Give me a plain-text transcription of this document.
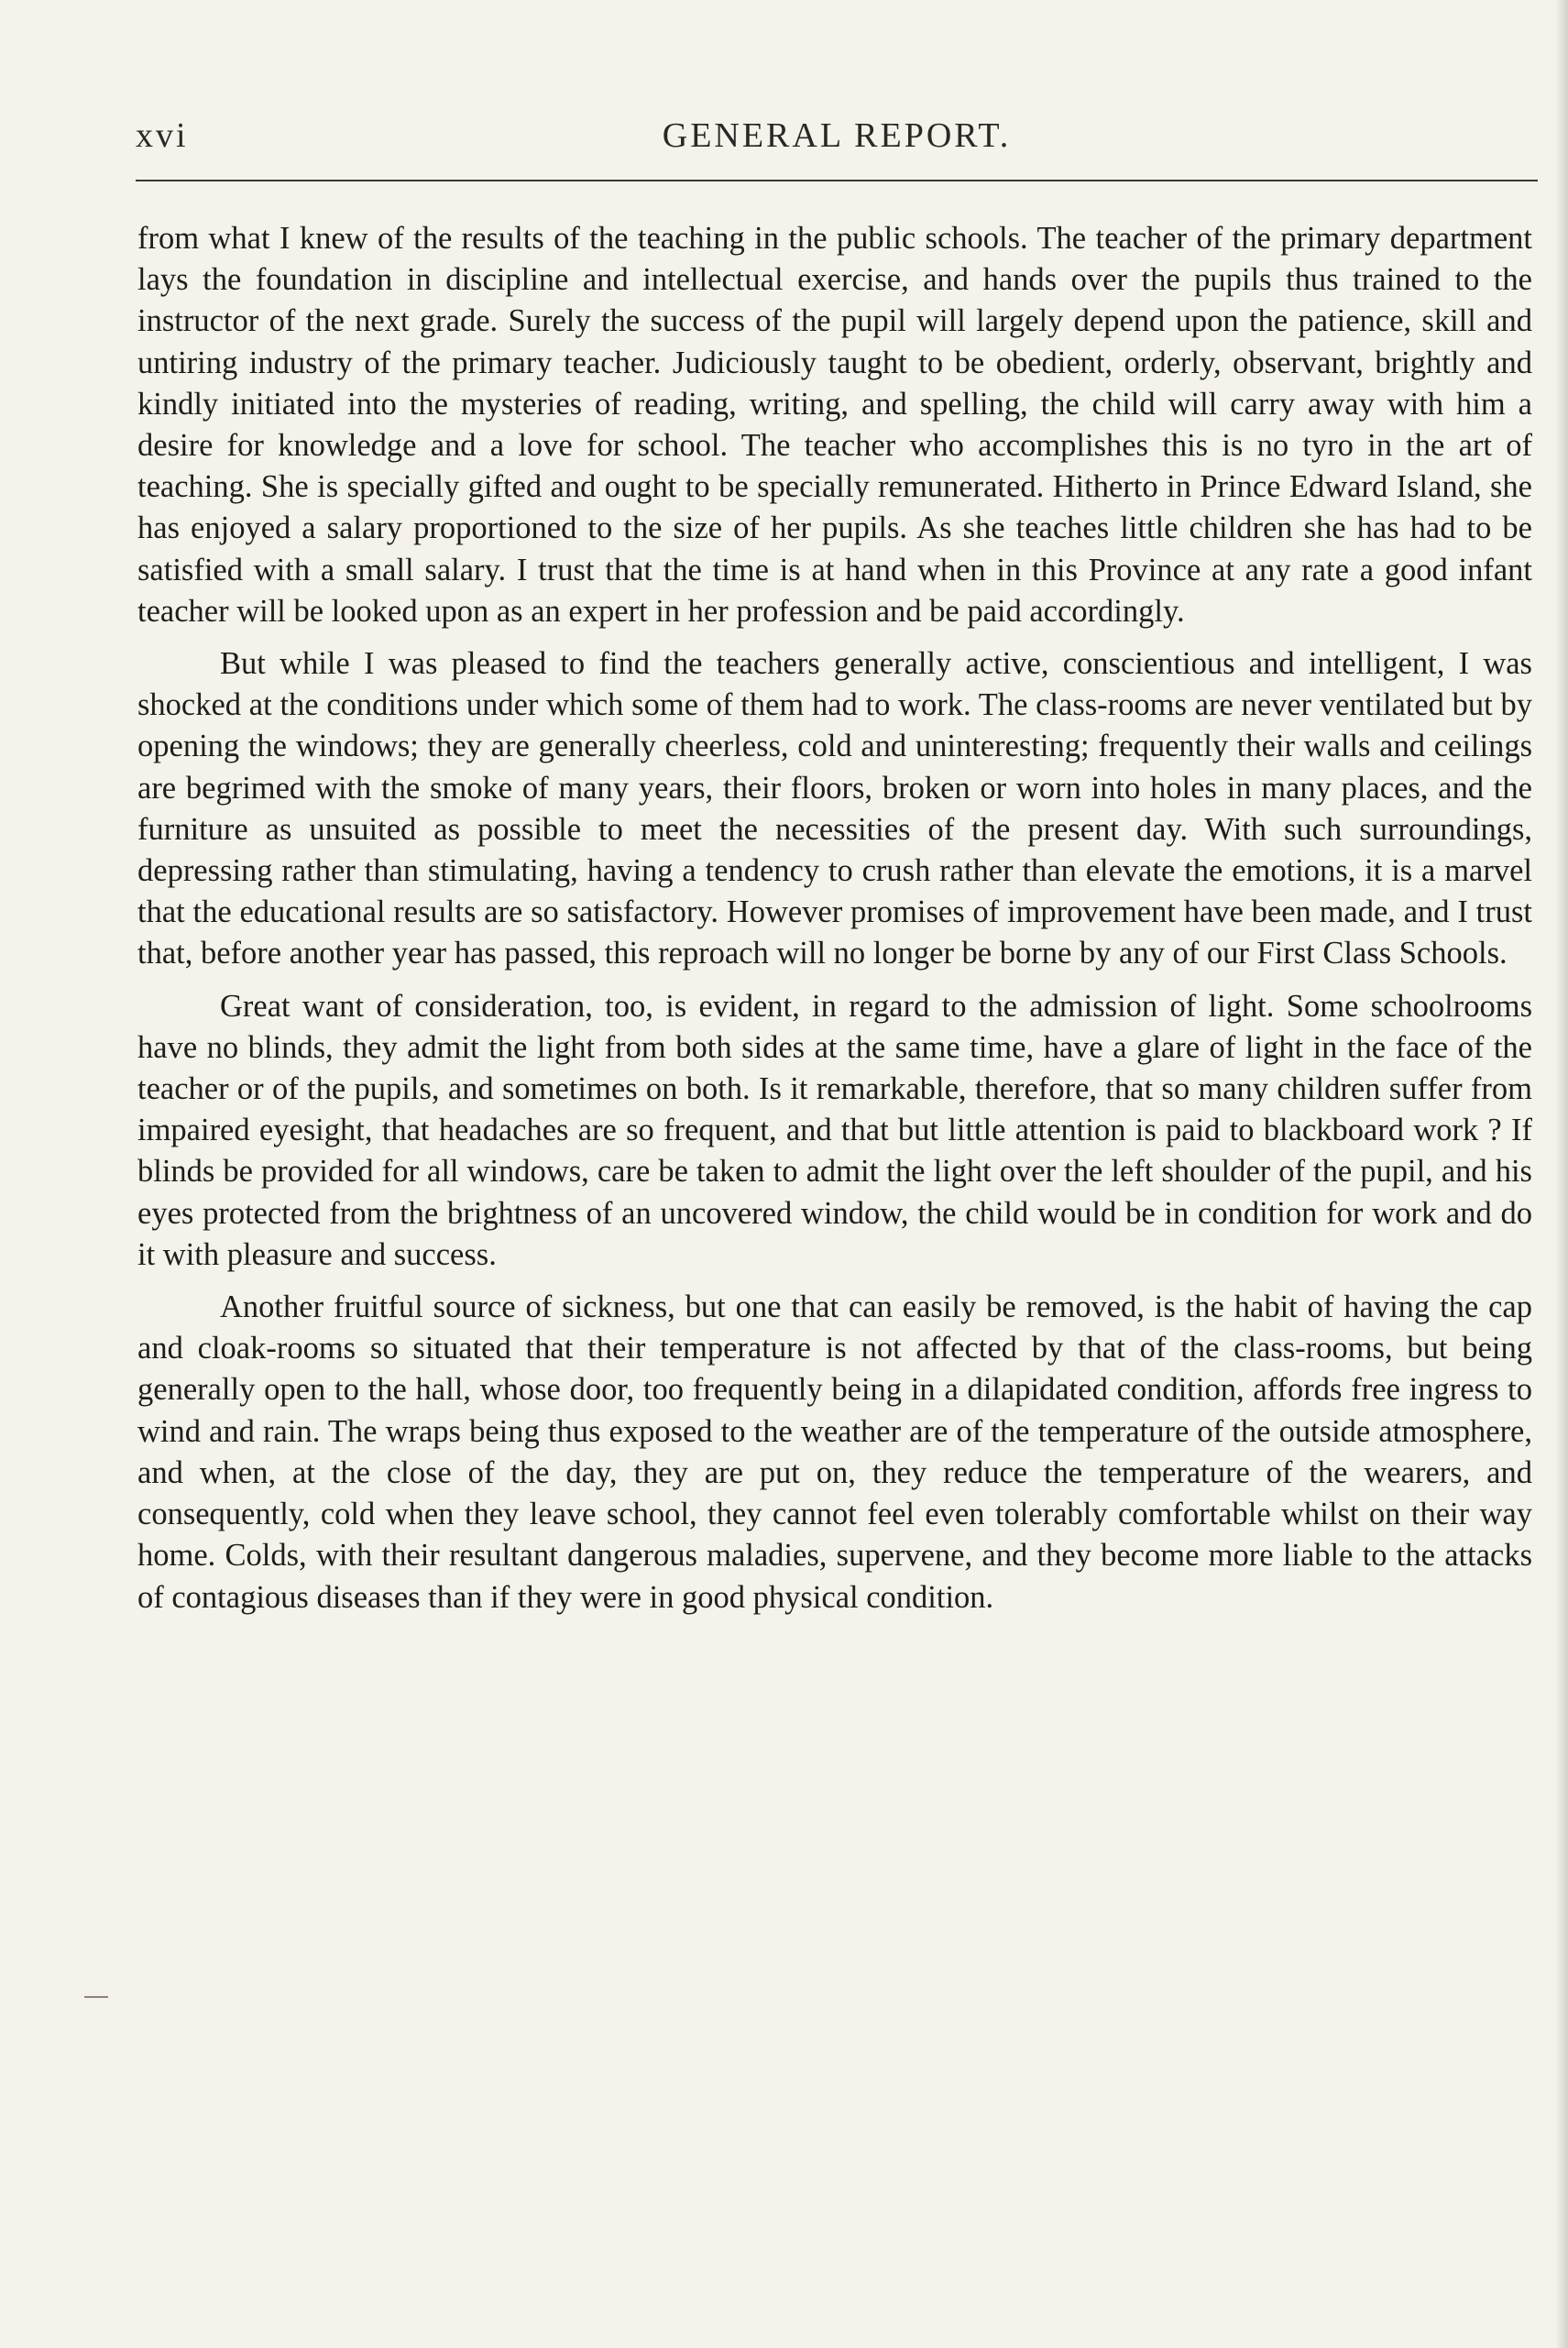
xvi	GENERAL REPORT.

from what I knew of the results of the teaching in the public schools. The teacher of the primary department lays the foundation in discipline and intellectual exercise, and hands over the pupils thus trained to the instructor of the next grade. Surely the success of the pupil will largely depend upon the patience, skill and untiring industry of the primary teacher. Judiciously taught to be obedient, orderly, observant, brightly and kindly initiated into the mysteries of reading, writing, and spelling, the child will carry away with him a desire for knowledge and a love for school. The teacher who accomplishes this is no tyro in the art of teaching. She is specially gifted and ought to be specially remunerated. Hitherto in Prince Edward Island, she has enjoyed a salary proportioned to the size of her pupils. As she teaches little children she has had to be satisfied with a small salary. I trust that the time is at hand when in this Province at any rate a good infant teacher will be looked upon as an expert in her profession and be paid accordingly.

But while I was pleased to find the teachers generally active, conscientious and intelligent, I was shocked at the conditions under which some of them had to work. The class-rooms are never ventilated but by opening the windows; they are generally cheerless, cold and uninteresting; frequently their walls and ceilings are begrimed with the smoke of many years, their floors, broken or worn into holes in many places, and the furniture as unsuited as possible to meet the necessities of the present day. With such surroundings, depressing rather than stimulating, having a tendency to crush rather than elevate the emotions, it is a marvel that the educational results are so satisfactory. However promises of improvement have been made, and I trust that, before another year has passed, this reproach will no longer be borne by any of our First Class Schools.

Great want of consideration, too, is evident, in regard to the admission of light. Some schoolrooms have no blinds, they admit the light from both sides at the same time, have a glare of light in the face of the teacher or of the pupils, and sometimes on both. Is it remarkable, therefore, that so many children suffer from impaired eyesight, that headaches are so frequent, and that but little attention is paid to blackboard work ? If blinds be provided for all windows, care be taken to admit the light over the left shoulder of the pupil, and his eyes protected from the brightness of an uncovered window, the child would be in condition for work and do it with pleasure and success.

Another fruitful source of sickness, but one that can easily be removed, is the habit of having the cap and cloak-rooms so situated that their temperature is not affected by that of the class-rooms, but being generally open to the hall, whose door, too frequently being in a dilapidated condition, affords free ingress to wind and rain. The wraps being thus exposed to the weather are of the temperature of the outside atmosphere, and when, at the close of the day, they are put on, they reduce the temperature of the wearers, and consequently, cold when they leave school, they cannot feel even tolerably comfortable whilst on their way home. Colds, with their resultant dangerous maladies, supervene, and they become more liable to the attacks of contagious diseases than if they were in good physical condition.
